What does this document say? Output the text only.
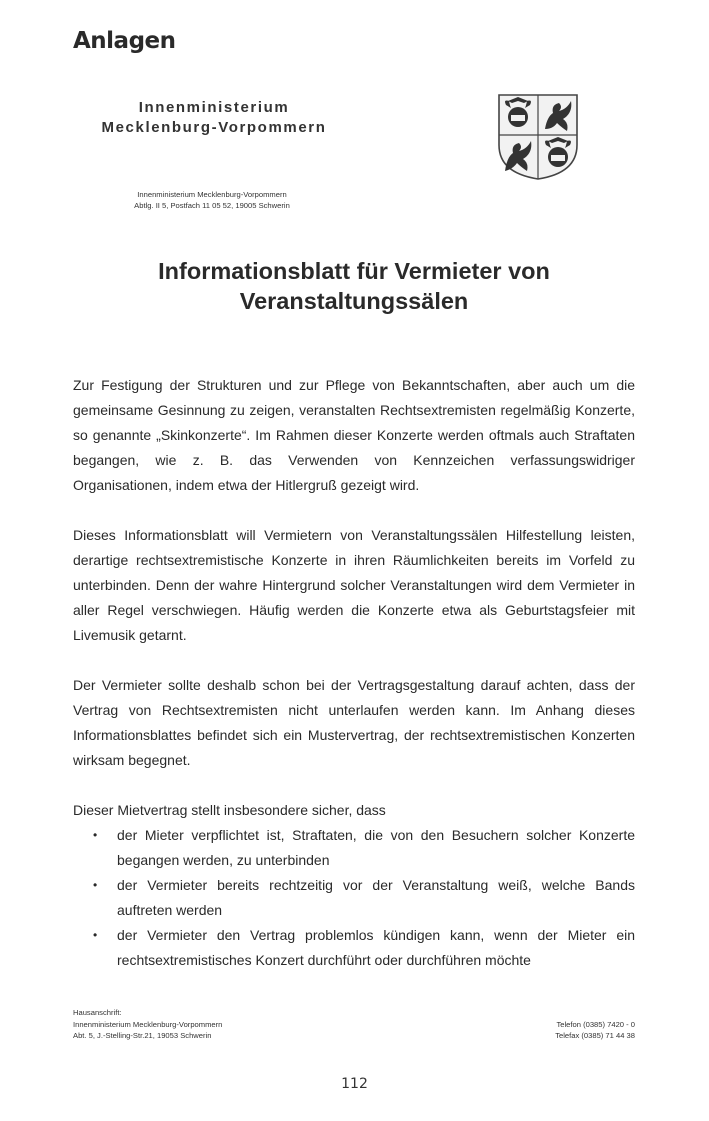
Anlagen
Innenministerium
Mecklenburg-Vorpommern
Innenministerium Mecklenburg-Vorpommern
Abtlg. II 5, Postfach 11 05 52, 19005 Schwerin
Informationsblatt für Vermieter von
Veranstaltungssälen

Zur Festigung der Strukturen und zur Pflege von Bekanntschaften, aber auch um die gemeinsame Gesinnung zu zeigen, veranstalten Rechtsextremisten regelmäßig Konzerte, so genannte „Skinkonzerte“. Im Rahmen dieser Konzerte werden oftmals auch Straftaten begangen, wie z. B. das Verwenden von Kennzeichen verfassungswidriger Organisationen, indem etwa der Hitlergruß gezeigt wird.

Dieses Informationsblatt will Vermietern von Veranstaltungssälen Hilfestellung leisten, derartige rechtsextremistische Konzerte in ihren Räumlichkeiten bereits im Vorfeld zu unterbinden. Denn der wahre Hintergrund solcher Veranstaltungen wird dem Vermieter in aller Regel verschwiegen. Häufig werden die Konzerte etwa als Geburtstagsfeier mit Livemusik getarnt.

Der Vermieter sollte deshalb schon bei der Vertragsgestaltung darauf achten, dass der Vertrag von Rechtsextremisten nicht unterlaufen werden kann. Im Anhang dieses Informationsblattes befindet sich ein Mustervertrag, der rechtsextremistischen Konzerten wirksam begegnet.

Dieser Mietvertrag stellt insbesondere sicher, dass

•	der Mieter verpflichtet ist, Straftaten, die von den Besuchern solcher Konzerte begangen werden, zu unterbinden
•	der Vermieter bereits rechtzeitig vor der Veranstaltung weiß, welche Bands auftreten werden
•	der Vermieter den Vertrag problemlos kündigen kann, wenn der Mieter ein rechtsextremistisches Konzert durchführt oder durchführen möchte
Hausanschrift:
Innenministerium Mecklenburg-Vorpommern
Abt. 5, J.-Stelling-Str.21, 19053 Schwerin
Telefon (0385) 7420 - 0
Telefax (0385) 71 44 38
112
